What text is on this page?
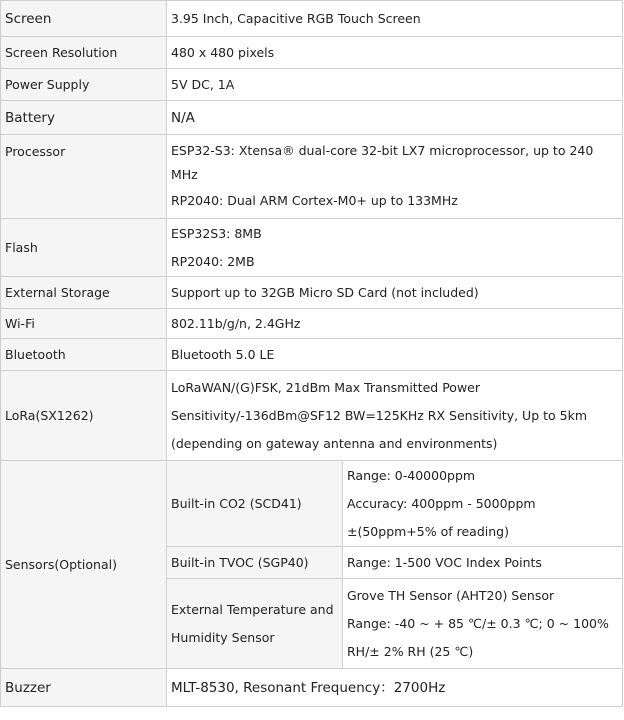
Screen	3.95 Inch, Capacitive RGB Touch Screen	
Screen Resolution	480 x 480 pixels	
Power Supply	5V DC, 1A	
Battery	N/A	
Processor	ESP32-S3: Xtensa® dual-core 32-bit LX7 microprocessor, up to 240 MHz
RP2040: Dual ARM Cortex-M0+ up to 133MHz	

Flash	ESP32S3: 8MB
RP2040: 2MB	

External Storage	Support up to 32GB Micro SD Card (not included)	
Wi-Fi	802.11b/g/n, 2.4GHz	
Bluetooth	Bluetooth 5.0 LE	
LoRa(SX1262)	LoRaWAN/(G)FSK, 21dBm Max Transmitted Power
Sensitivity/-136dBm@SF12 BW=125KHz RX Sensitivity, Up to 5km
(depending on gateway antenna and environments)	

Sensors(Optional)	Built-in CO2 (SCD41)	Range: 0-40000ppm
Accuracy: 400ppm - 5000ppm
±(50ppm+5% of reading)

	Built-in TVOC (SGP40)	Range: 1-500 VOC Index Points
	External Temperature and Humidity Sensor	Grove TH Sensor (AHT20) Sensor
Range: -40 ~ + 85 ℃/± 0.3 ℃; 0 ~ 100% RH/± 2% RH (25 ℃)

Buzzer	MLT-8530, Resonant Frequency：2700Hz	
